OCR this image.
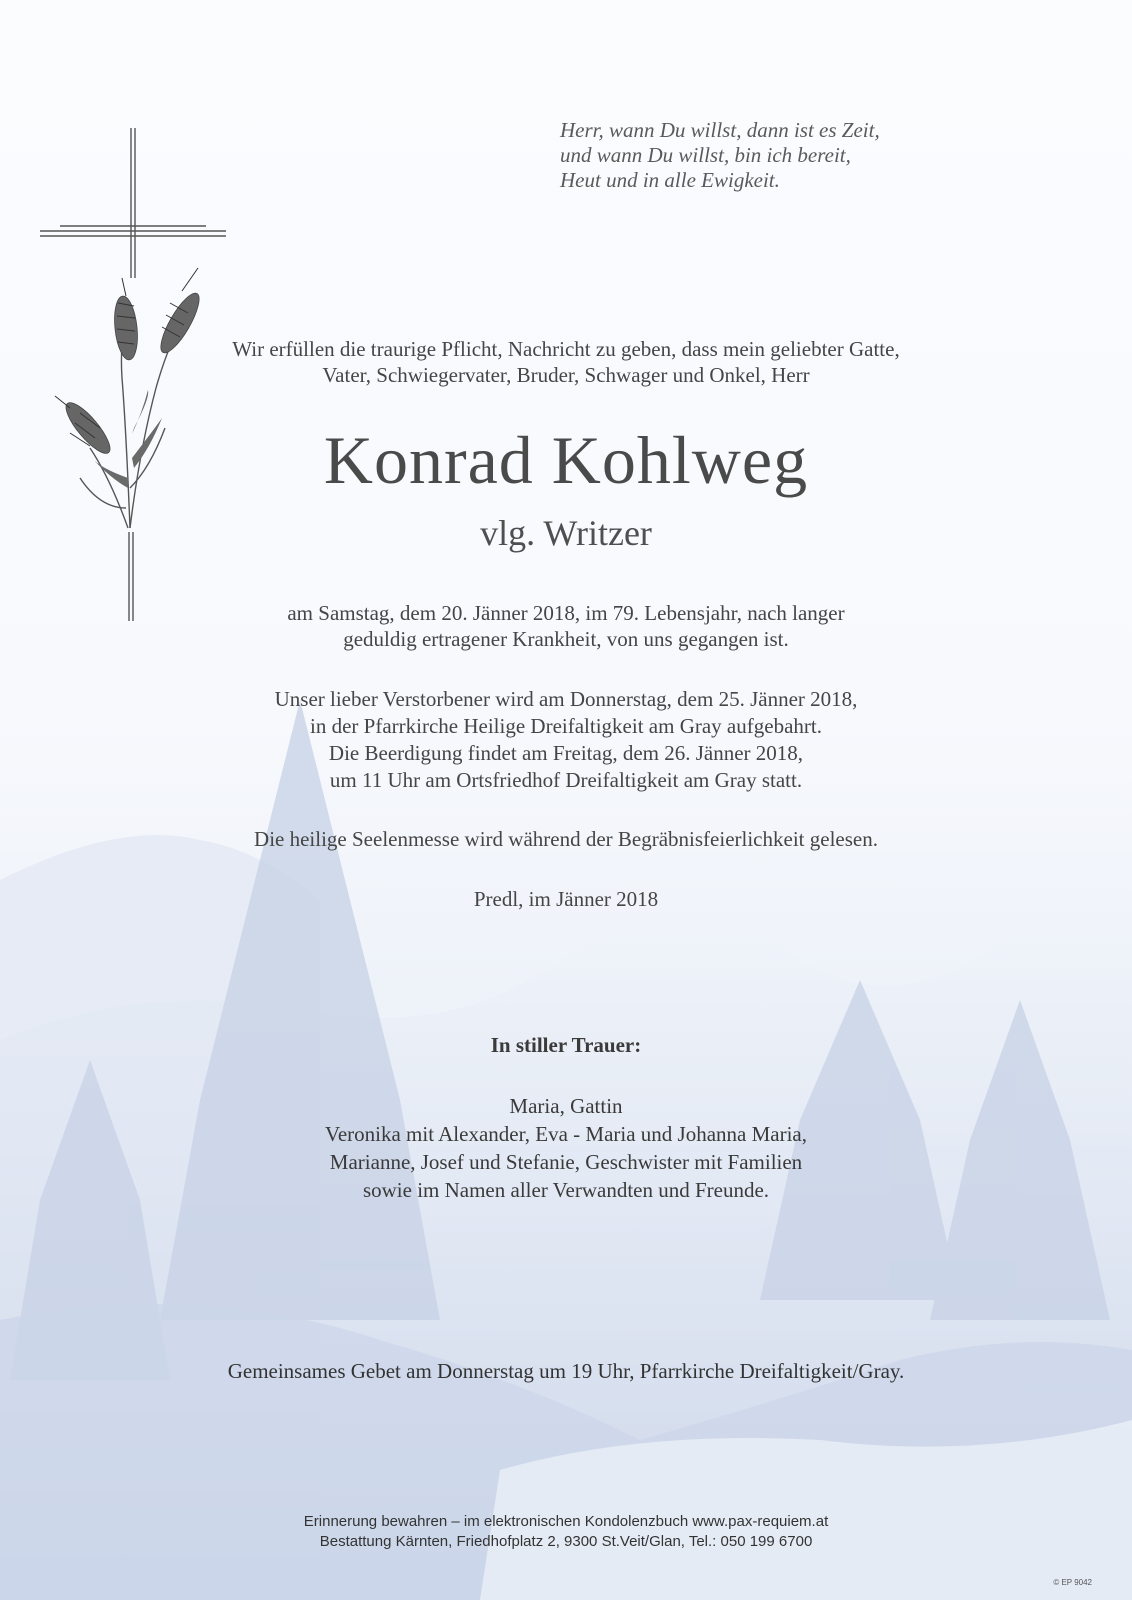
Herr, wann Du willst, dann ist es Zeit,
und wann Du willst, bin ich bereit,
Heut und in alle Ewigkeit.
Wir erfüllen die traurige Pflicht, Nachricht zu geben, dass mein geliebter Gatte,
Vater, Schwiegervater, Bruder, Schwager und Onkel, Herr
Konrad Kohlweg
vlg. Writzer
am Samstag, dem 20. Jänner 2018, im 79. Lebensjahr, nach langer
geduldig ertragener Krankheit, von uns gegangen ist.
Unser lieber Verstorbener wird am Donnerstag, dem 25. Jänner 2018,
in der Pfarrkirche Heilige Dreifaltigkeit am Gray aufgebahrt.
Die Beerdigung findet am Freitag, dem 26. Jänner 2018,
um 11 Uhr am Ortsfriedhof Dreifaltigkeit am Gray statt.
Die heilige Seelenmesse wird während der Begräbnisfeierlichkeit gelesen.
Predl, im Jänner 2018
In stiller Trauer:
Maria, Gattin
Veronika mit Alexander, Eva - Maria und Johanna Maria,
Marianne, Josef und Stefanie, Geschwister mit Familien
sowie im Namen aller Verwandten und Freunde.
Gemeinsames Gebet am Donnerstag um 19 Uhr, Pfarrkirche Dreifaltigkeit/Gray.
Erinnerung bewahren – im elektronischen Kondolenzbuch www.pax-requiem.at
Bestattung Kärnten, Friedhofplatz 2, 9300 St.Veit/Glan, Tel.: 050 199 6700
© EP 9042
